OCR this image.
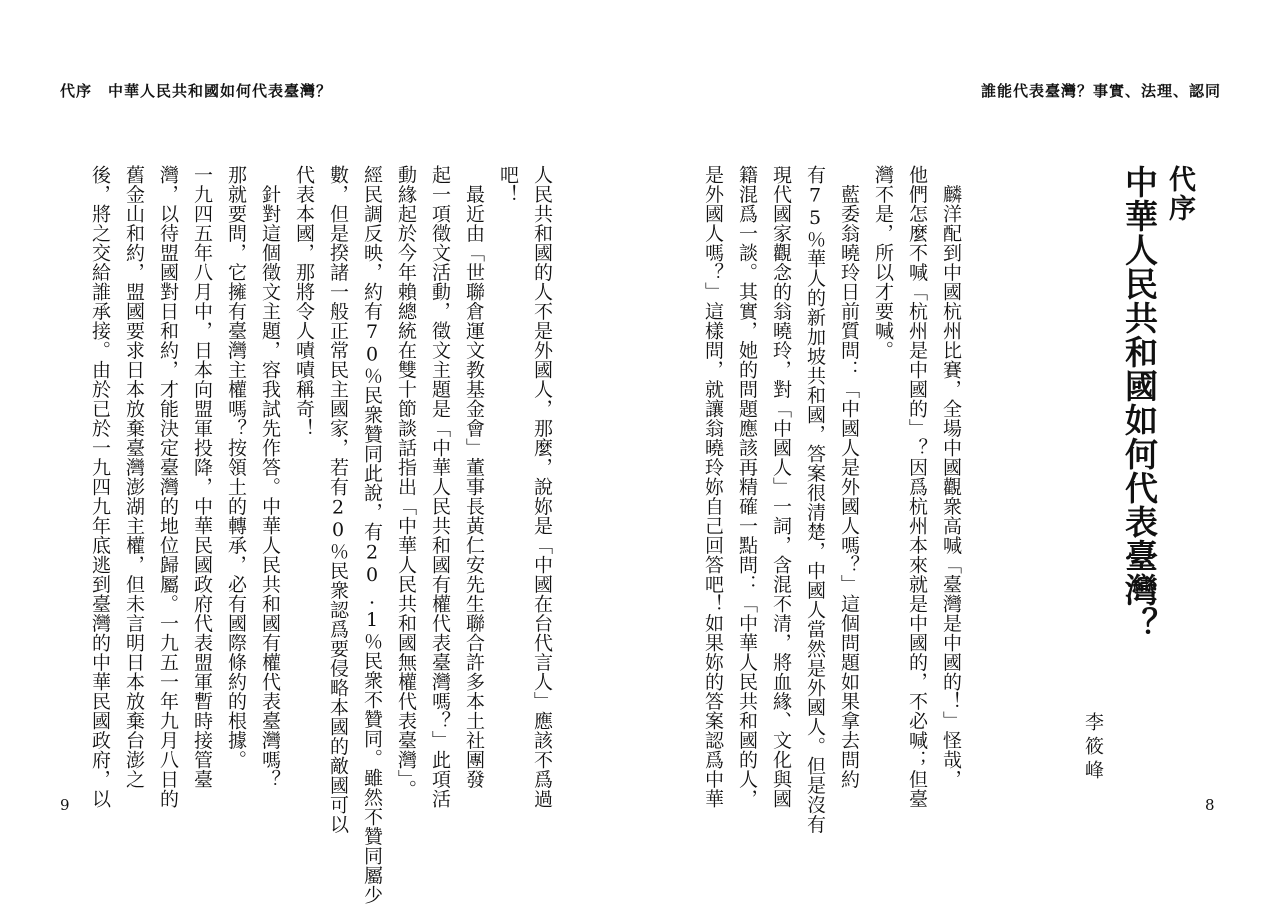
代序　中華人民共和國如何代表臺灣？	誰能代表臺灣？事實、法理、認同
人民共和國的人不是外國人，那麼，說妳是「中國在台代言人」應該不爲過
吧！
　最近由「世聯倉運文教基金會」董事長黃仁安先生聯合許多本土社團發
起一項徵文活動，徵文主題是「中華人民共和國有權代表臺灣嗎？」此項活
動緣起於今年賴總統在雙十節談話指出「中華人民共和國無權代表臺灣」。
經民調反映，約有70％民衆贊同此說，有20.1％民衆不贊同。雖然不贊同屬少
數，但是揆諸一般正常民主國家，若有20％民衆認爲要侵略本國的敵國可以
代表本國，那將令人嘖嘖稱奇！
　針對這個徵文主題，容我試先作答。中華人民共和國有權代表臺灣嗎？
那就要問，它擁有臺灣主權嗎？按領土的轉承，必有國際條約的根據。
一九四五年八月中，日本向盟軍投降，中華民國政府代表盟軍暫時接管臺
灣，以待盟國對日和約，才能決定臺灣的地位歸屬。一九五一年九月八日的
舊金山和約，盟國要求日本放棄臺灣澎湖主權，但未言明日本放棄台澎之
後，將之交給誰承接。由於已於一九四九年底逃到臺灣的中華民國政府，以	代序
中華人民共和國如何代表臺灣？
李筱峰
　麟洋配到中國杭州比賽，全場中國觀衆高喊「臺灣是中國的！」怪哉，
他們怎麼不喊「杭州是中國的」？因爲杭州本來就是中國的，不必喊；但臺
灣不是，所以才要喊。
　藍委翁曉玲日前質問：「中國人是外國人嗎？」這個問題如果拿去問約
有75％華人的新加坡共和國，答案很清楚，中國人當然是外國人。但是沒有
現代國家觀念的翁曉玲，對「中國人」一詞，含混不清，將血緣、文化與國
籍混爲一談。其實，她的問題應該再精確一點問：「中華人民共和國的人，
是外國人嗎？」這樣問，就讓翁曉玲妳自己回答吧！如果妳的答案認爲中華
9	8
